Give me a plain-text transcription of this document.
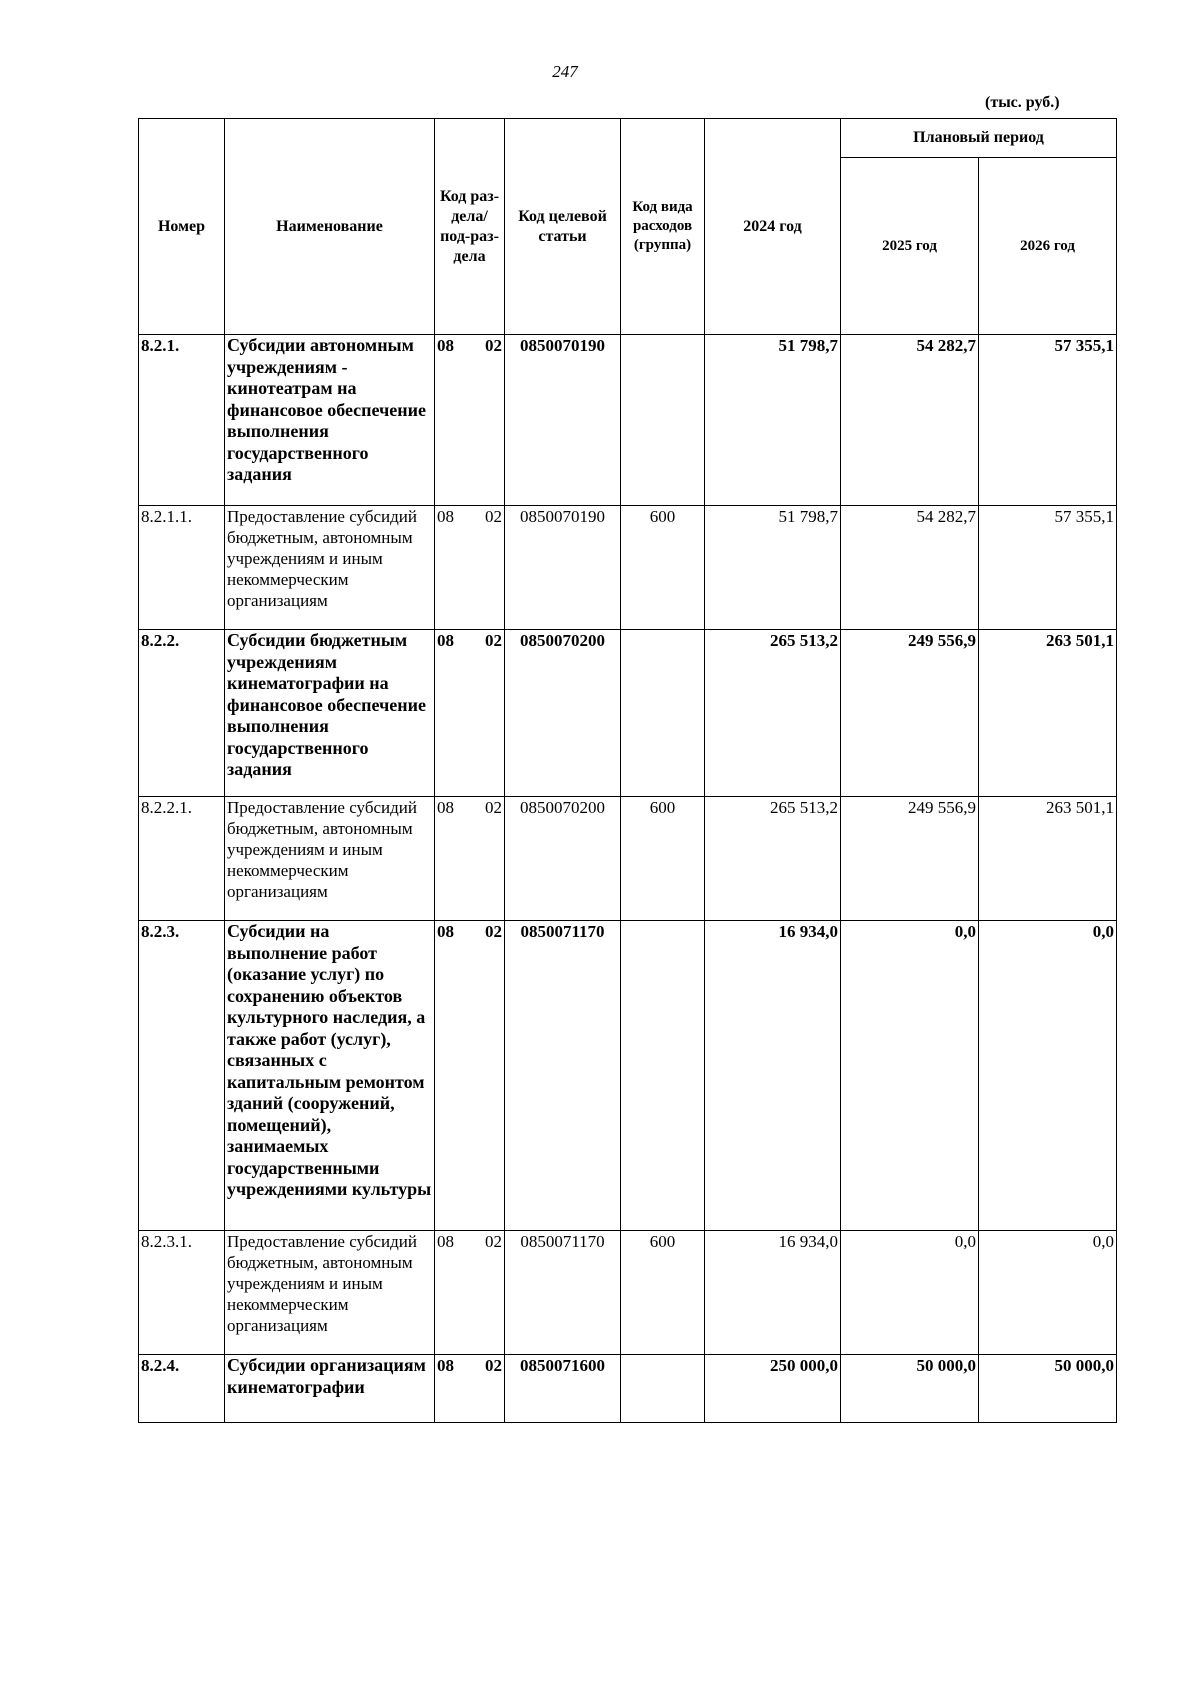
247
(тыс. руб.)
Номер	Наименование	Код раз-дела/ под-раз-дела	Код целевой статьи	Код вида расходов (группа)	2024 год	Плановый период	
						2025 год	2026 год
8.2.1.	Субсидии автономным учреждениям - кинотеатрам на финансовое обеспечение выполнения государственного задания	08 02	0850070190		51 798,7	54 282,7	57 355,1
8.2.1.1.	Предоставление субсидий бюджетным, автономным учреждениям и иным некоммерческим организациям	08 02	0850070190	600	51 798,7	54 282,7	57 355,1
8.2.2.	Субсидии бюджетным учреждениям кинематографии на финансовое обеспечение выполнения государственного задания	08 02	0850070200		265 513,2	249 556,9	263 501,1
8.2.2.1.	Предоставление субсидий бюджетным, автономным учреждениям и иным некоммерческим организациям	08 02	0850070200	600	265 513,2	249 556,9	263 501,1
8.2.3.	Субсидии на выполнение работ (оказание услуг) по сохранению объектов культурного наследия, а также работ (услуг), связанных с капитальным ремонтом зданий (сооружений, помещений), занимаемых государственными учреждениями культуры	08 02	0850071170		16 934,0	0,0	0,0
8.2.3.1.	Предоставление субсидий бюджетным, автономным учреждениям и иным некоммерческим организациям	08 02	0850071170	600	16 934,0	0,0	0,0
8.2.4.	Субсидии организациям кинематографии	08 02	0850071600		250 000,0	50 000,0	50 000,0
